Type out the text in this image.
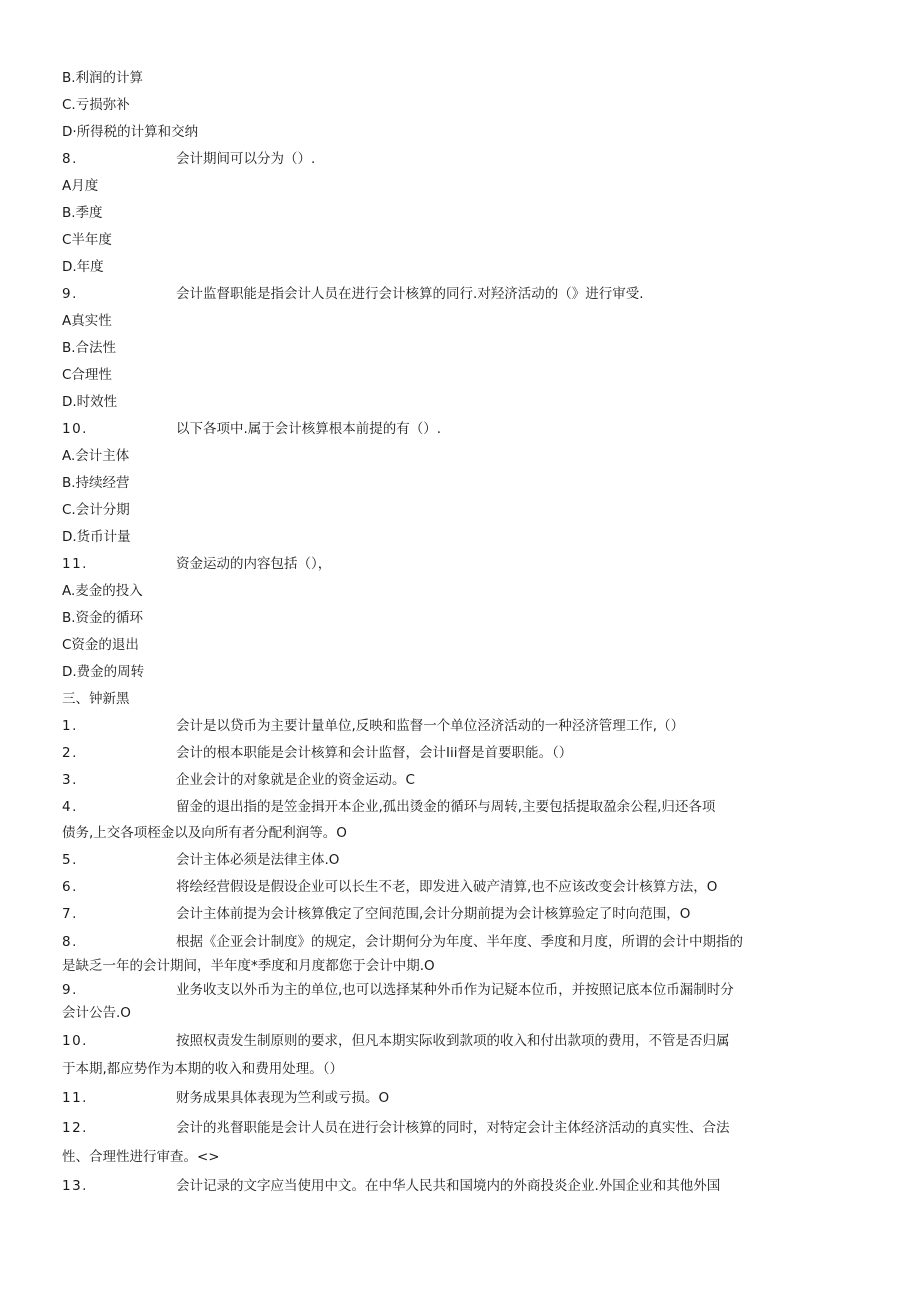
B.利润的计算
C.亏损弥补
D·所得税的计算和交纳
8.	会计期间可以分为（）.
A月度
B.季度
C半年度
D.年度
9.	会计监督职能是指会计人员在进行会计核算的同行.对羟济活动的（》进行审受.
A真实性
B.合法性
C合理性
D.时效性
10.	以下各项中.属于会计核算根本前提的有（）.
A.会计主体
B.持续经营
C.会计分期
D.货币计量
11.	资金运动的内容包括（），
A.麦金的投入
B.资金的循环
C资金的退出
D.费金的周转
三、钟新黑
1.	会计是以贷币为主要计量单位,反映和监督一个单位泾济活动的一种泾济管理工作,（）
2.	会计的根本职能是会计核算和会计监督，会计Iii督是首要职能。（）
3.	企业会计的对象就是企业的资金运动。C
4.	留金的退出指的是笠金揖开本企业,孤出烫金的循环与周转,主要包括提取盈余公程,归还各项
债务,上交各项桎金以及向所有者分配利润等。O
5.	会计主体必须是法律主体.O
6.	将绘经营假设是假设企业可以长生不老，即发进入破产清算,也不应该改变会计核算方法，O
7.	会计主体前提为会计核算俄定了空间范围,会计分期前提为会计核算验定了时向范围，O
8.	根据《企亚会计制度》的规定，会计期何分为年度、半年度、季度和月度，所谓的会计中期指的
是缺乏一年的会计期间，半年度*季度和月度都您于会计中期.O
9.	业务收支以外币为主的单位,也可以选择某种外币作为记疑本位币，并按照记底本位币漏制时分
会计公告.O
10.	按照权责发生制原则的要求，但凡本期实际收到款项的收入和付出款项的费用，不管是否归属
于本期,都应势作为本期的收入和费用处理。（）
11.	财务成果具体表现为竺利或亏损。O
12.	会计的兆督职能是会计人员在进行会计核算的同时，对特定会计主体经济活动的真实性、合法
性、合理性进行审查。<>
13.	会计记录的文字应当使用中文。在中华人民共和国境内的外商投炎企业.外国企业和其他外国
